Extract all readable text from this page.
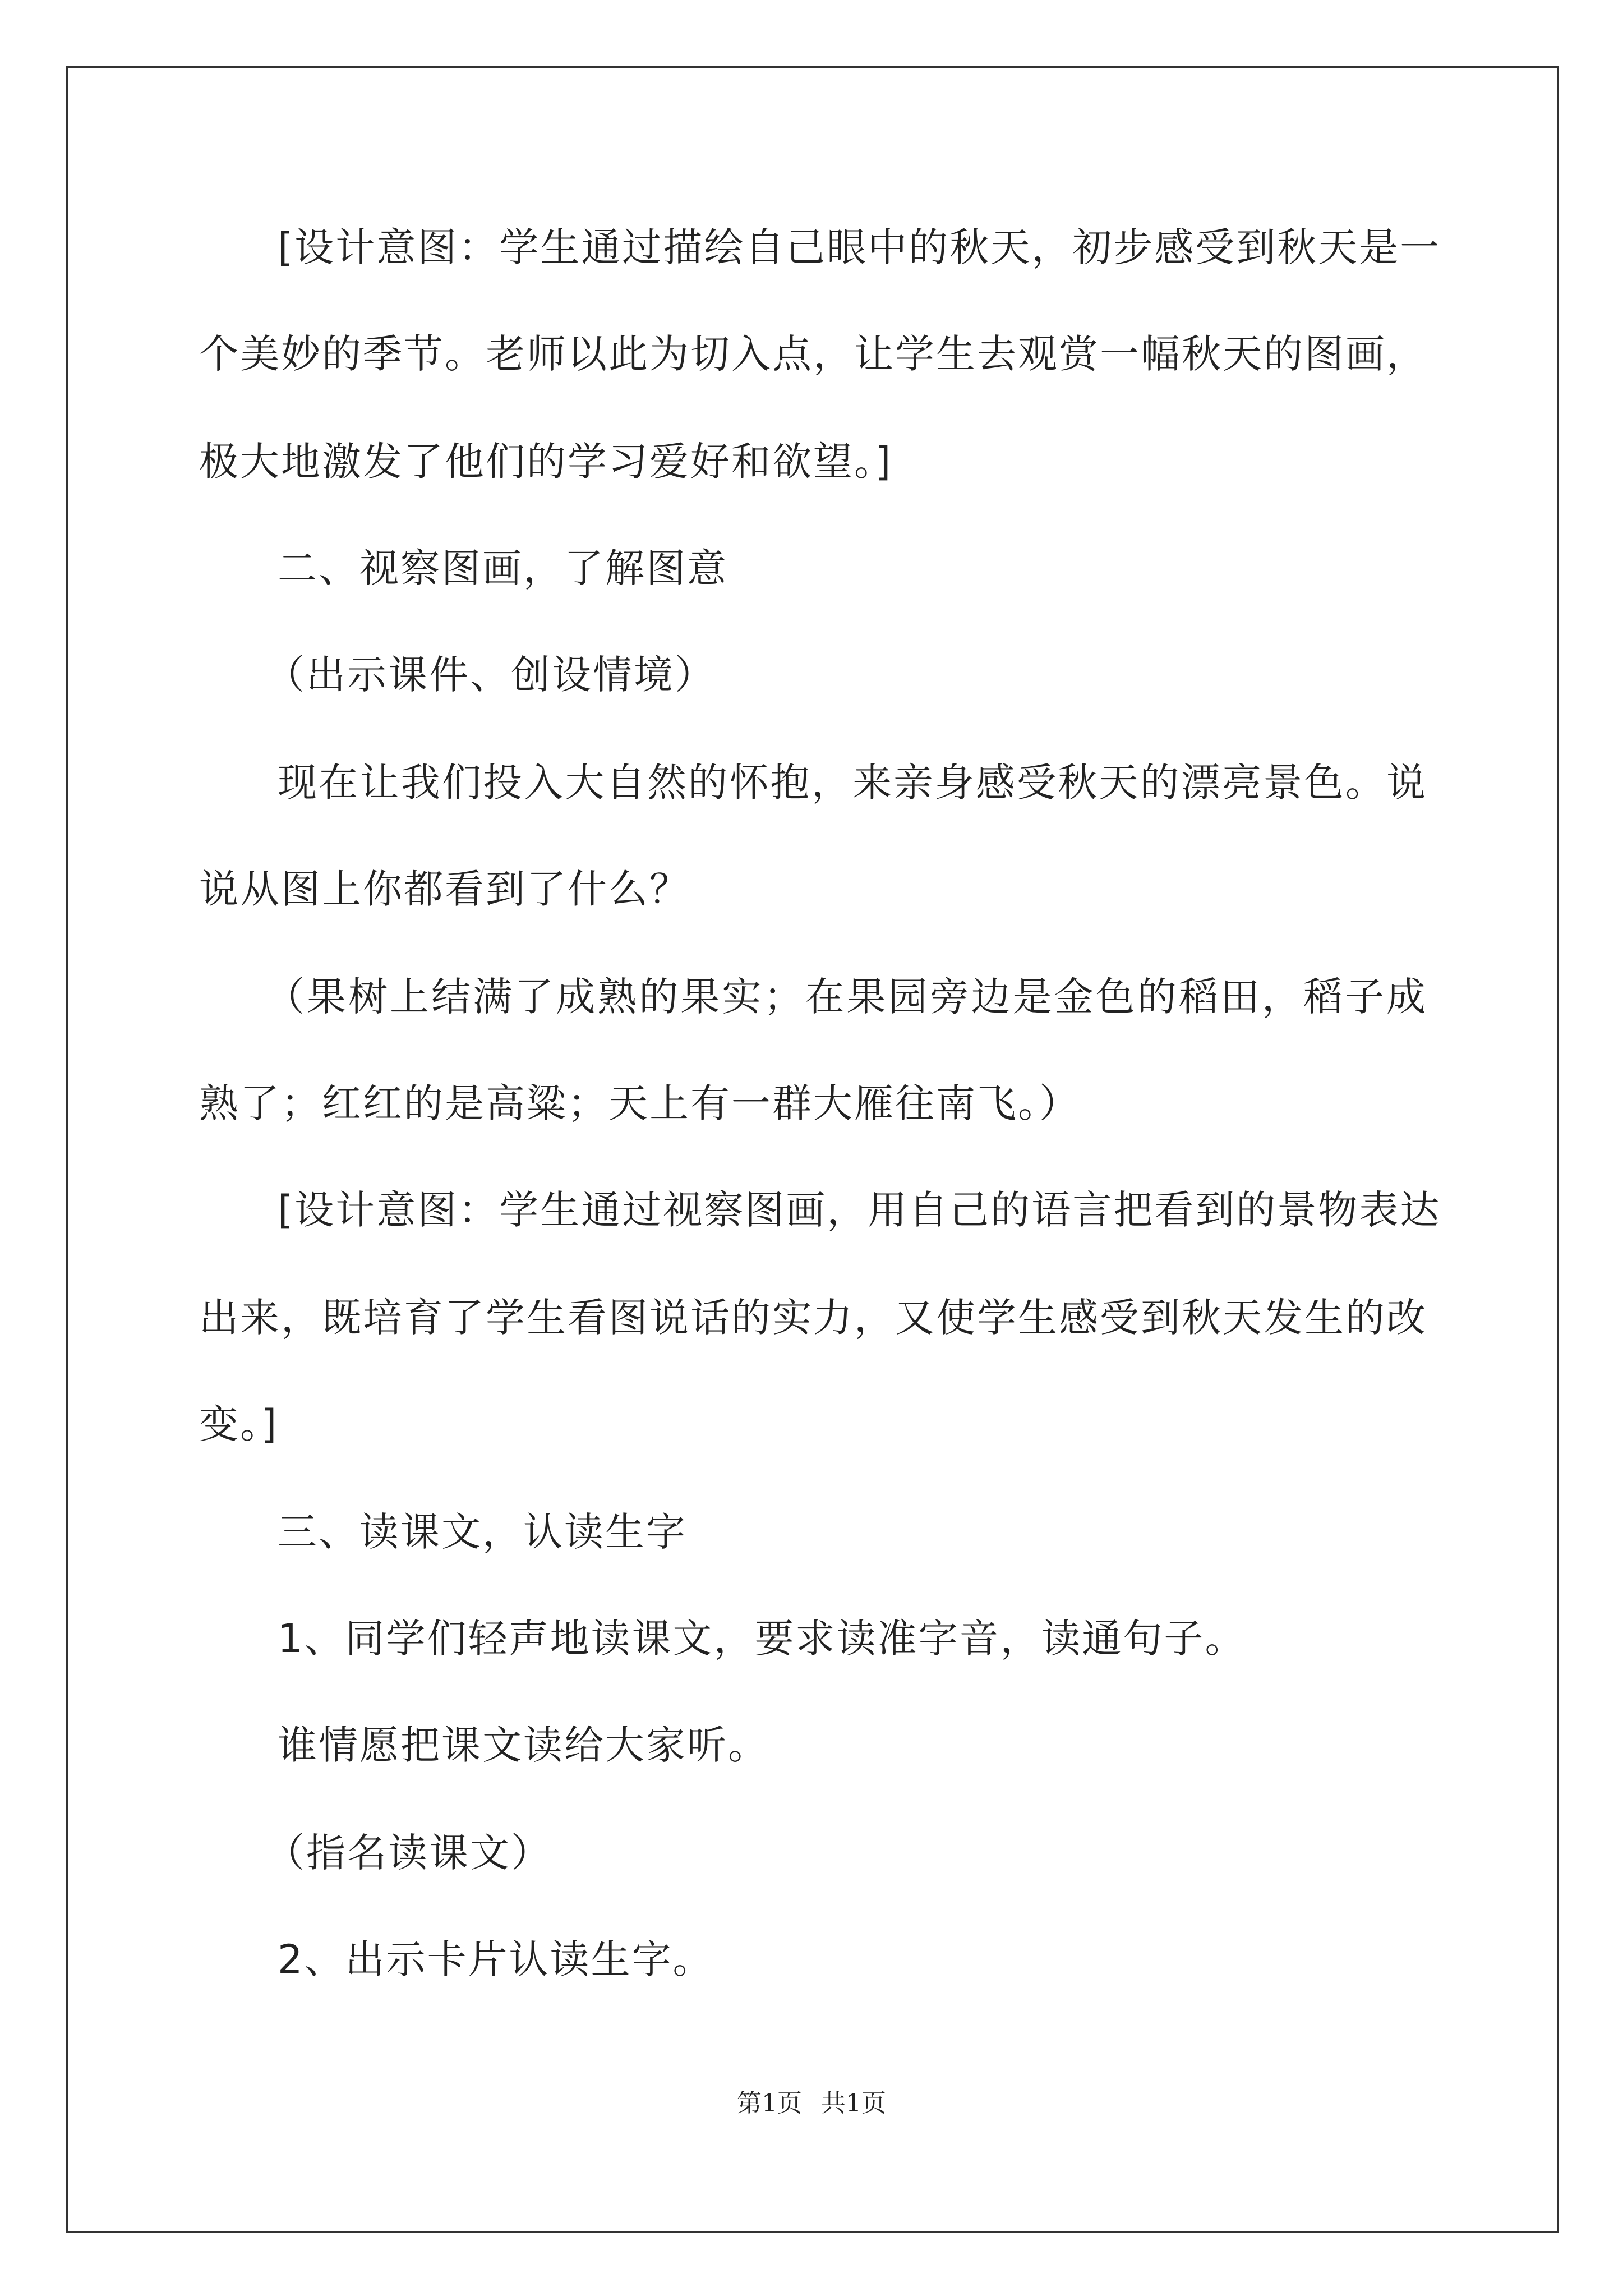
[设计意图：学生通过描绘自己眼中的秋天，初步感受到秋天是一
个美妙的季节。老师以此为切入点，让学生去观赏一幅秋天的图画，
极大地激发了他们的学习爱好和欲望。]
二、视察图画，了解图意
（出示课件、创设情境）
现在让我们投入大自然的怀抱，来亲身感受秋天的漂亮景色。说
说从图上你都看到了什么？
（果树上结满了成熟的果实；在果园旁边是金色的稻田，稻子成
熟了；红红的是高粱；天上有一群大雁往南飞。）
[设计意图：学生通过视察图画，用自己的语言把看到的景物表达
出来，既培育了学生看图说话的实力，又使学生感受到秋天发生的改
变。]
三、读课文，认读生字
1、同学们轻声地读课文，要求读准字音，读通句子。
谁情愿把课文读给大家听。
（指名读课文）
2、出示卡片认读生字。
第1页 共1页
